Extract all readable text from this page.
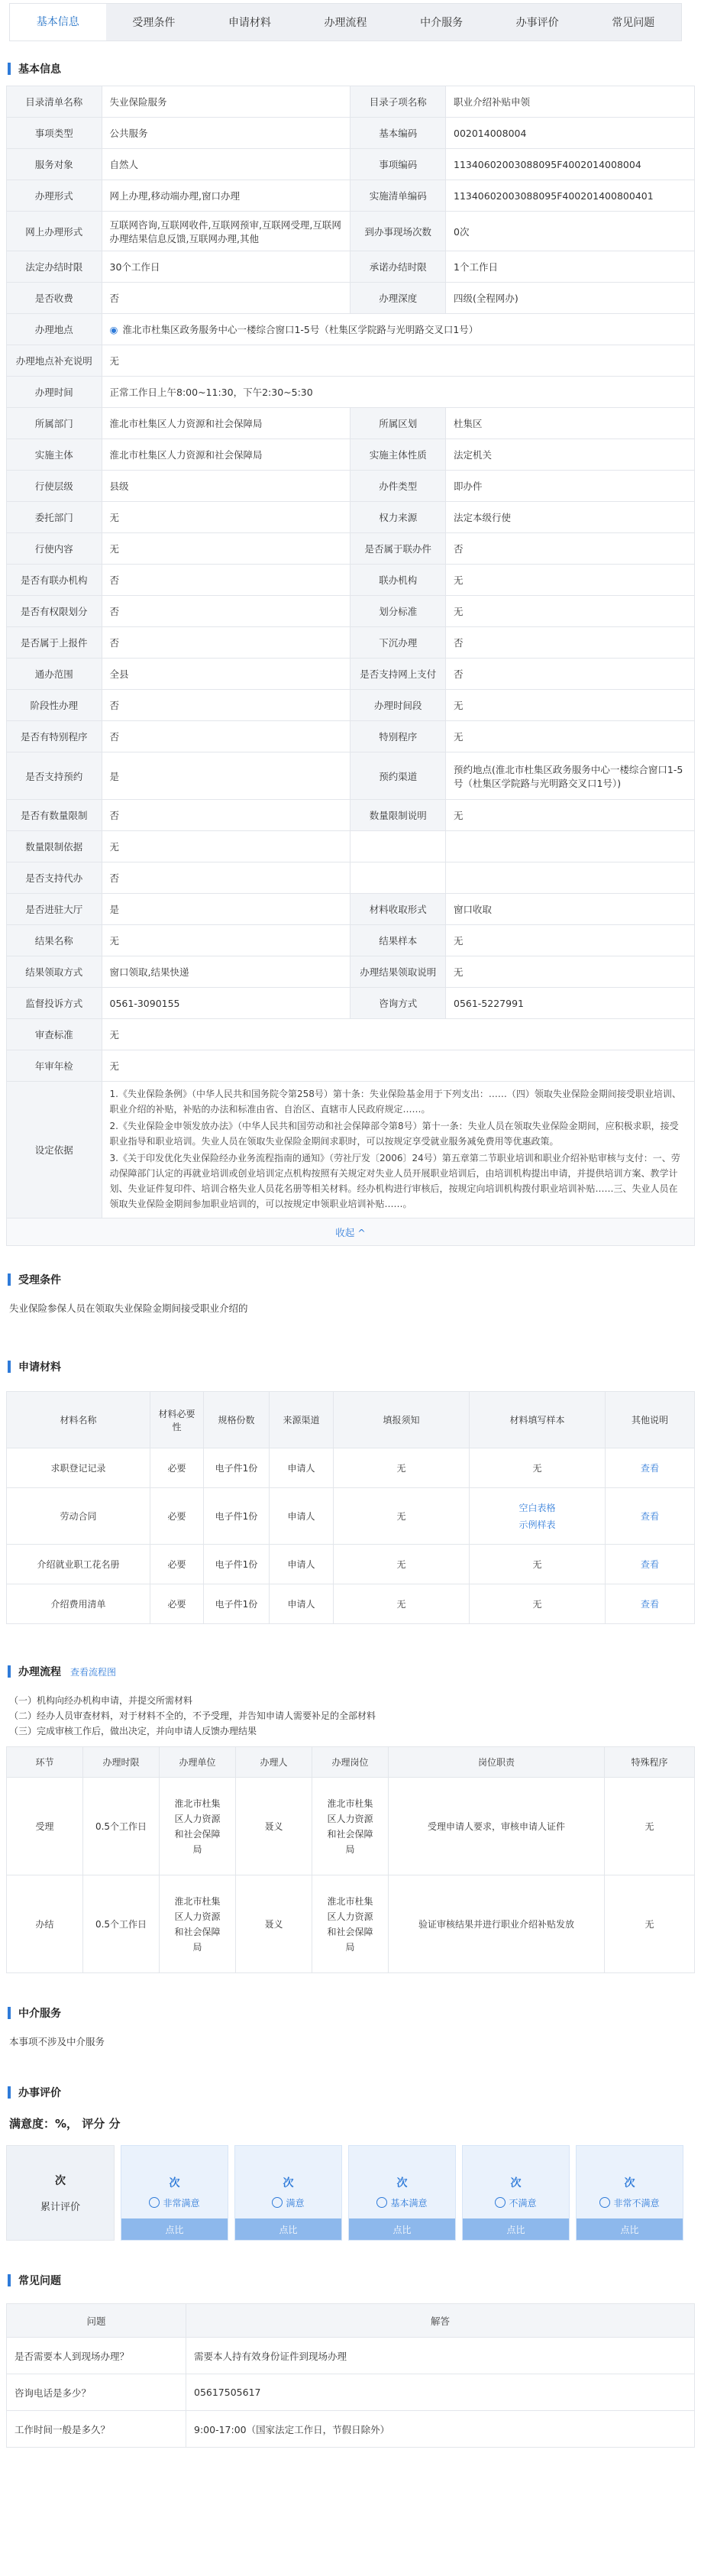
基本信息	受理条件	申请材料	办理流程	中介服务	办事评价	常见问题
基本信息
目录清单名称	失业保险服务	目录子项名称	职业介绍补贴申领
事项类型	公共服务	基本编码	002014008004
服务对象	自然人	事项编码	11340602003088095F4002014008004
办理形式	网上办理,移动端办理,窗口办理	实施清单编码	11340602003088095F400201400800401
网上办理形式	互联网咨询,互联网收件,互联网预审,互联网受理,互联网办理结果信息反馈,互联网办理,其他	到办事现场次数	0次
法定办结时限	30个工作日	承诺办结时限	1个工作日
是否收费	否	办理深度	四级(全程网办)
办理地点	◉ 淮北市杜集区政务服务中心一楼综合窗口1-5号（杜集区学院路与光明路交叉口1号）		
办理地点补充说明	无		
办理时间	正常工作日上午8:00~11:30，下午2:30~5:30		
所属部门	淮北市杜集区人力资源和社会保障局	所属区划	杜集区
实施主体	淮北市杜集区人力资源和社会保障局	实施主体性质	法定机关
行使层级	县级	办件类型	即办件
委托部门	无	权力来源	法定本级行使
行使内容	无	是否属于联办件	否
是否有联办机构	否	联办机构	无
是否有权限划分	否	划分标准	无
是否属于上报件	否	下沉办理	否
通办范围	全县	是否支持网上支付	否
阶段性办理	否	办理时间段	无
是否有特别程序	否	特别程序	无
是否支持预约	是	预约渠道	预约地点(淮北市杜集区政务服务中心一楼综合窗口1-5号（杜集区学院路与光明路交叉口1号）)
是否有数量限制	否	数量限制说明	无
数量限制依据	无		
是否支持代办	否		
是否进驻大厅	是	材料收取形式	窗口收取
结果名称	无	结果样本	无
结果领取方式	窗口领取,结果快递	办理结果领取说明	无
监督投诉方式	0561-3090155	咨询方式	0561-5227991
审查标准	无		
年审年检	无		
设定依据	1.《失业保险条例》（中华人民共和国务院令第258号）第十条：失业保险基金用于下列支出：……（四）领取失业保险金期间接受职业培训、职业介绍的补贴，补贴的办法和标准由省、自治区、直辖市人民政府规定……。

2.《失业保险金申领发放办法》（中华人民共和国劳动和社会保障部令第8号）第十一条：失业人员在领取失业保险金期间，应积极求职，接受职业指导和职业培训。失业人员在领取失业保险金期间求职时，可以按规定享受就业服务减免费用等优惠政策。

3.《关于印发优化失业保险经办业务流程指南的通知》（劳社厅发〔2006〕24号）第五章第二节职业培训和职业介绍补贴审核与支付：一、劳动保障部门认定的再就业培训或创业培训定点机构按照有关规定对失业人员开展职业培训后，由培训机构提出申请，并提供培训方案、教学计划、失业证件复印件、培训合格失业人员花名册等相关材料。经办机构进行审核后，按规定向培训机构拨付职业培训补贴……三、失业人员在领取失业保险金期间参加职业培训的，可以按规定申领职业培训补贴……。		

收起 ^			
受理条件
失业保险参保人员在领取失业保险金期间接受职业介绍的
申请材料
材料名称	材料必要性	规格份数	来源渠道	填报须知	材料填写样本	其他说明
求职登记记录	必要	电子件1份	申请人	无	无	查看
劳动合同	必要	电子件1份	申请人	无	空白表格 示例样表	查看
介绍就业职工花名册	必要	电子件1份	申请人	无	无	查看
介绍费用清单	必要	电子件1份	申请人	无	无	查看
办理流程 查看流程图
（一）机构向经办机构申请，并提交所需材料
（二）经办人员审查材料，对于材料不全的，不予受理，并告知申请人需要补足的全部材料
（三）完成审核工作后，做出决定，并向申请人反馈办理结果
环节	办理时限	办理单位	办理人	办理岗位	岗位职责	特殊程序
受理	0.5个工作日	淮北市杜集区人力资源和社会保障局	聂义	淮北市杜集区人力资源和社会保障局	受理申请人要求，审核申请人证件	无
办结	0.5个工作日	淮北市杜集区人力资源和社会保障局	聂义	淮北市杜集区人力资源和社会保障局	验证审核结果并进行职业介绍补贴发放	无
中介服务
本事项不涉及中介服务
办事评价
满意度：%， 评分 分
次
累计评价
次
非常满意
点比
次
满意
点比
次
基本满意
点比
次
不满意
点比
次
非常不满意
点比
常见问题
问题	解答
是否需要本人到现场办理？	需要本人持有效身份证件到现场办理
咨询电话是多少？	05617505617
工作时间一般是多久？	9:00-17:00（国家法定工作日，节假日除外）
